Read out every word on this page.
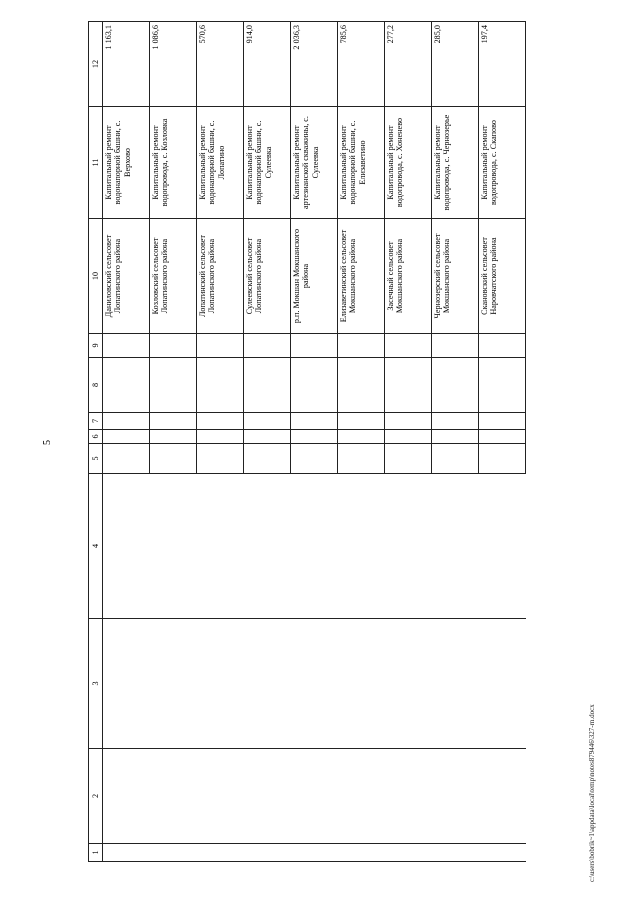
5
c:\users\bobrik~1\appdata\local\temp\notes879446\327-rn.docx
1	2	3	4	5	6	7	8	9	10	11	12
									Даниловский сельсовет Лопатинского района	Капитальный ремонт водонапорной башни, с. Верхово	1 163,1
									Козловский сельсовет Лопатинского района	Капитальный ремонт водопровода, с. Козловка	1 086,6
									Лопатинский сельсовет Лопатинского района	Капитальный ремонт водонапорной башни, с. Лопатино	570,6
									Сулеевский сельсовет Лопатинского района	Капитальный ремонт водонапорной башни, с. Сулеевка	914,0
									р.п. Мокшан Мокшанского района	Капитальный ремонт артезианской скважины, с. Сулеевка	2 036,3
									Елизаветинский сельсовет Мокшанского района	Капитальный ремонт водонапорной башни, с. Елизаветино	785,6
									Засечный сельсовет Мокшанского района	Капитальный ремонт водопровода, с. Хоненево	277,2
									Чернозерский сельсовет Мокшанского района	Капитальный ремонт водопровода, с. Чернозерье	285,0
									Скановский сельсовет Наровчатского района	Капитальный ремонт водопровода, с. Скаповo	197,4
